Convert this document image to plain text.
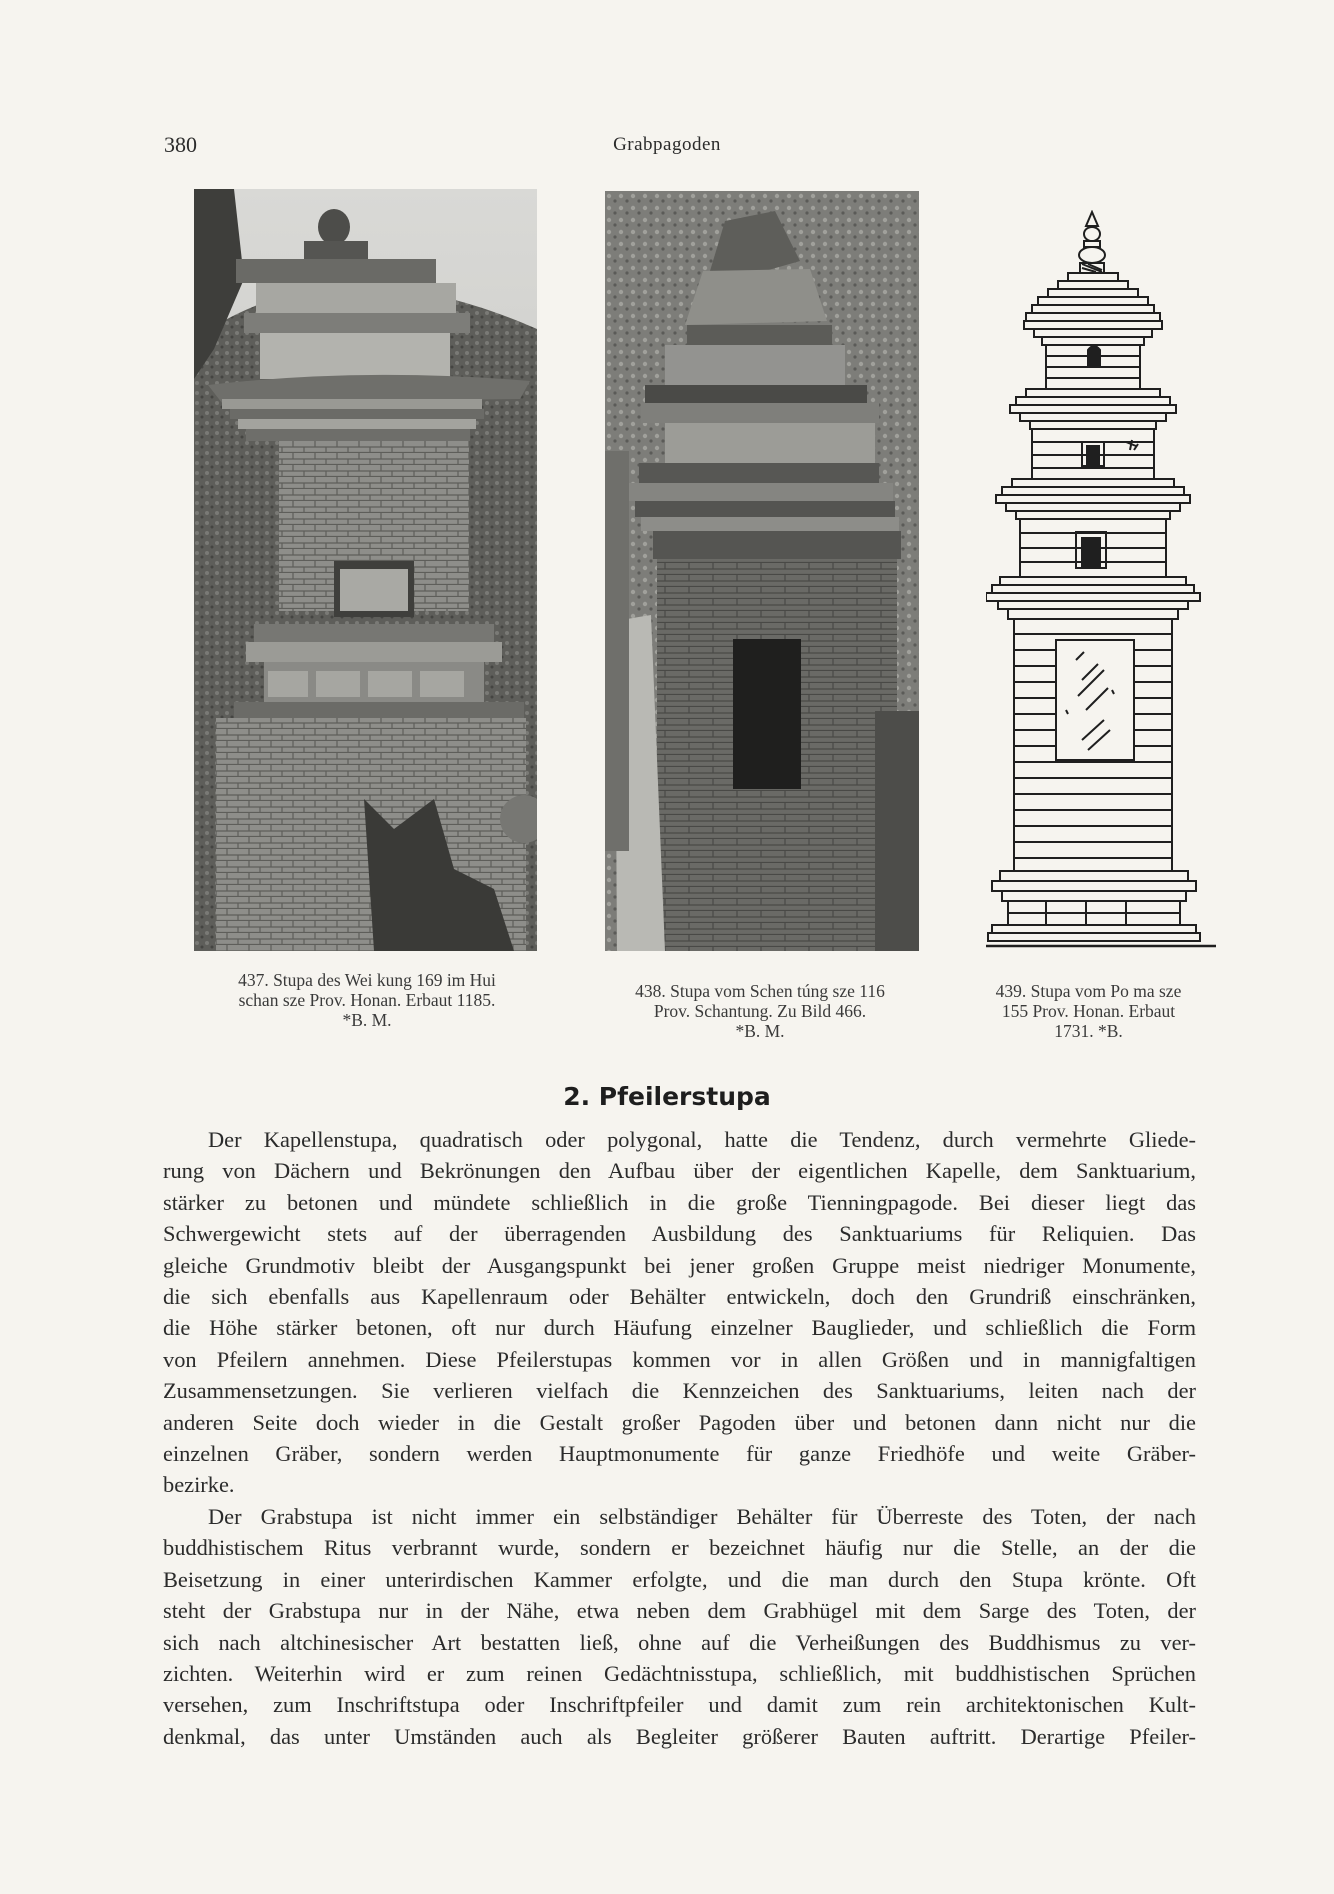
380	Grabpagoden
437. Stupa des Wei kung 169 im Hui
schan sze Prov. Honan. Erbaut 1185.
*B. M.
438. Stupa vom Schen túng sze 116
Prov. Schantung. Zu Bild 466.
*B. M.
439. Stupa vom Po ma sze
155 Prov. Honan. Erbaut
1731. *B.
2. Pfeilerstupa
Der Kapellenstupa, quadratisch oder polygonal, hatte die Tendenz, durch vermehrte Gliede-
rung von Dächern und Bekrönungen den Aufbau über der eigentlichen Kapelle, dem Sanktuarium,
stärker zu betonen und mündete schließlich in die große Tienningpagode. Bei dieser liegt das
Schwergewicht stets auf der überragenden Ausbildung des Sanktuariums für Reliquien. Das
gleiche Grundmotiv bleibt der Ausgangspunkt bei jener großen Gruppe meist niedriger Monumente,
die sich ebenfalls aus Kapellenraum oder Behälter entwickeln, doch den Grundriß einschränken,
die Höhe stärker betonen, oft nur durch Häufung einzelner Bauglieder, und schließlich die Form
von Pfeilern annehmen. Diese Pfeilerstupas kommen vor in allen Größen und in mannigfaltigen
Zusammensetzungen. Sie verlieren vielfach die Kennzeichen des Sanktuariums, leiten nach der
anderen Seite doch wieder in die Gestalt großer Pagoden über und betonen dann nicht nur die
einzelnen Gräber, sondern werden Hauptmonumente für ganze Friedhöfe und weite Gräber-
bezirke.
Der Grabstupa ist nicht immer ein selbständiger Behälter für Überreste des Toten, der nach
buddhistischem Ritus verbrannt wurde, sondern er bezeichnet häufig nur die Stelle, an der die
Beisetzung in einer unterirdischen Kammer erfolgte, und die man durch den Stupa krönte. Oft
steht der Grabstupa nur in der Nähe, etwa neben dem Grabhügel mit dem Sarge des Toten, der
sich nach altchinesischer Art bestatten ließ, ohne auf die Verheißungen des Buddhismus zu ver-
zichten. Weiterhin wird er zum reinen Gedächtnisstupa, schließlich, mit buddhistischen Sprüchen
versehen, zum Inschriftstupa oder Inschriftpfeiler und damit zum rein architektonischen Kult-
denkmal, das unter Umständen auch als Begleiter größerer Bauten auftritt. Derartige Pfeiler-
